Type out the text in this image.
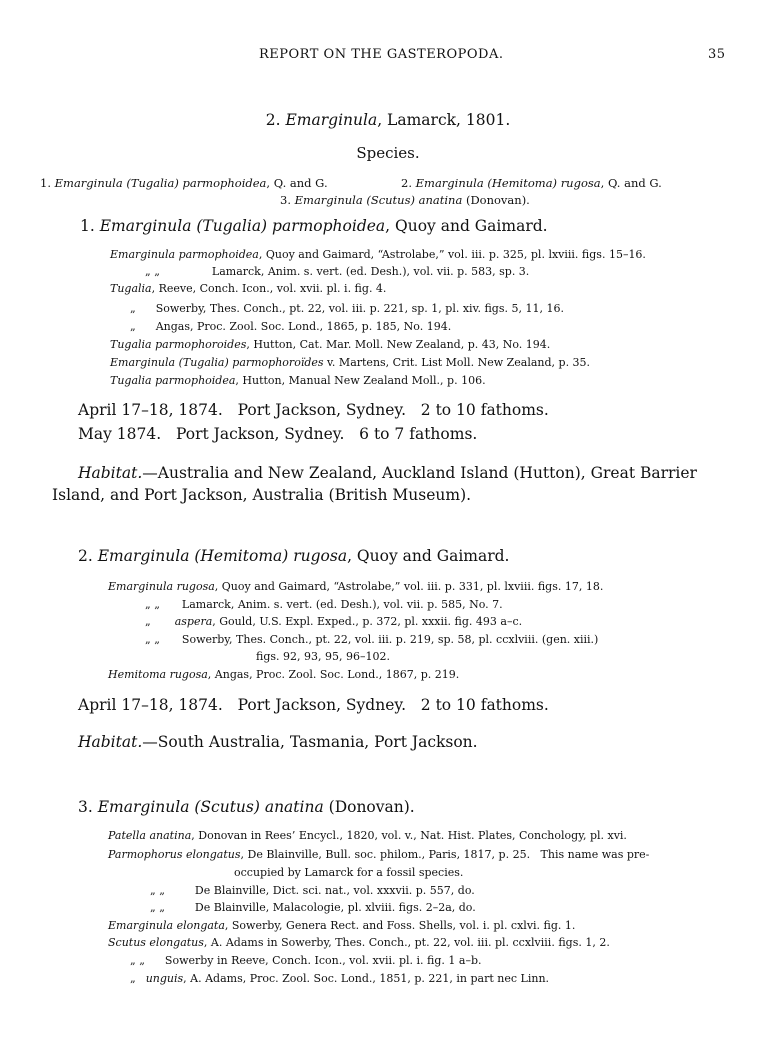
REPORT ON THE GASTEROPODA.	35
2. Emarginula, Lamarck, 1801.
Species.
1. Emarginula (Tugalia) parmophoidea, Q. and G.	2. Emarginula (Hemitoma) rugosa, Q. and G.
3. Emarginula (Scutus) anatina (Donovan).
1. Emarginula (Tugalia) parmophoidea, Quoy and Gaimard.
Emarginula parmophoidea, Quoy and Gaimard, “Astrolabe,” vol. iii. p. 325, pl. lxviii. figs. 15–16.
„ „	Lamarck, Anim. s. vert. (ed. Desh.), vol. vii. p. 583, sp. 3.
Tugalia, Reeve, Conch. Icon., vol. xvii. pl. i. fig. 4.
„ Sowerby, Thes. Conch., pt. 22, vol. iii. p. 221, sp. 1, pl. xiv. figs. 5, 11, 16.
„ Angas, Proc. Zool. Soc. Lond., 1865, p. 185, No. 194.
Tugalia parmophoroides, Hutton, Cat. Mar. Moll. New Zealand, p. 43, No. 194.
Emarginula (Tugalia) parmophoroïdes v. Martens, Crit. List Moll. New Zealand, p. 35.
Tugalia parmophoidea, Hutton, Manual New Zealand Moll., p. 106.
April 17–18, 1874.   Port Jackson, Sydney.   2 to 10 fathoms.
May 1874.   Port Jackson, Sydney.   6 to 7 fathoms.
Habitat.—Australia and New Zealand, Auckland Island (Hutton), Great Barrier
Island, and Port Jackson, Australia (British Museum).
2. Emarginula (Hemitoma) rugosa, Quoy and Gaimard.
Emarginula rugosa, Quoy and Gaimard, “Astrolabe,” vol. iii. p. 331, pl. lxviii. figs. 17, 18.
„ „ Lamarck, Anim. s. vert. (ed. Desh.), vol. vii. p. 585, No. 7.
„ aspera, Gould, U.S. Expl. Exped., p. 372, pl. xxxii. fig. 493 a–c.
„ „ Sowerby, Thes. Conch., pt. 22, vol. iii. p. 219, sp. 58, pl. ccxlviii. (gen. xiii.)
figs. 92, 93, 95, 96–102.
Hemitoma rugosa, Angas, Proc. Zool. Soc. Lond., 1867, p. 219.
April 17–18, 1874.   Port Jackson, Sydney.   2 to 10 fathoms.
Habitat.—South Australia, Tasmania, Port Jackson.
3. Emarginula (Scutus) anatina (Donovan).
Patella anatina, Donovan in Rees’ Encycl., 1820, vol. v., Nat. Hist. Plates, Conchology, pl. xvi.
Parmophorus elongatus, De Blainville, Bull. soc. philom., Paris, 1817, p. 25.   This name was pre-
occupied by Lamarck for a fossil species.
„ „	De Blainville, Dict. sci. nat., vol. xxxvii. p. 557, do.
„ „	De Blainville, Malacologie, pl. xlviii. figs. 2–2a, do.
Emarginula elongata, Sowerby, Genera Rect. and Foss. Shells, vol. i. pl. cxlvi. fig. 1.
Scutus elongatus, A. Adams in Sowerby, Thes. Conch., pt. 22, vol. iii. pl. ccxlviii. figs. 1, 2.
„ „ Sowerby in Reeve, Conch. Icon., vol. xvii. pl. i. fig. 1 a–b.
„ unguis, A. Adams, Proc. Zool. Soc. Lond., 1851, p. 221, in part nec Linn.
